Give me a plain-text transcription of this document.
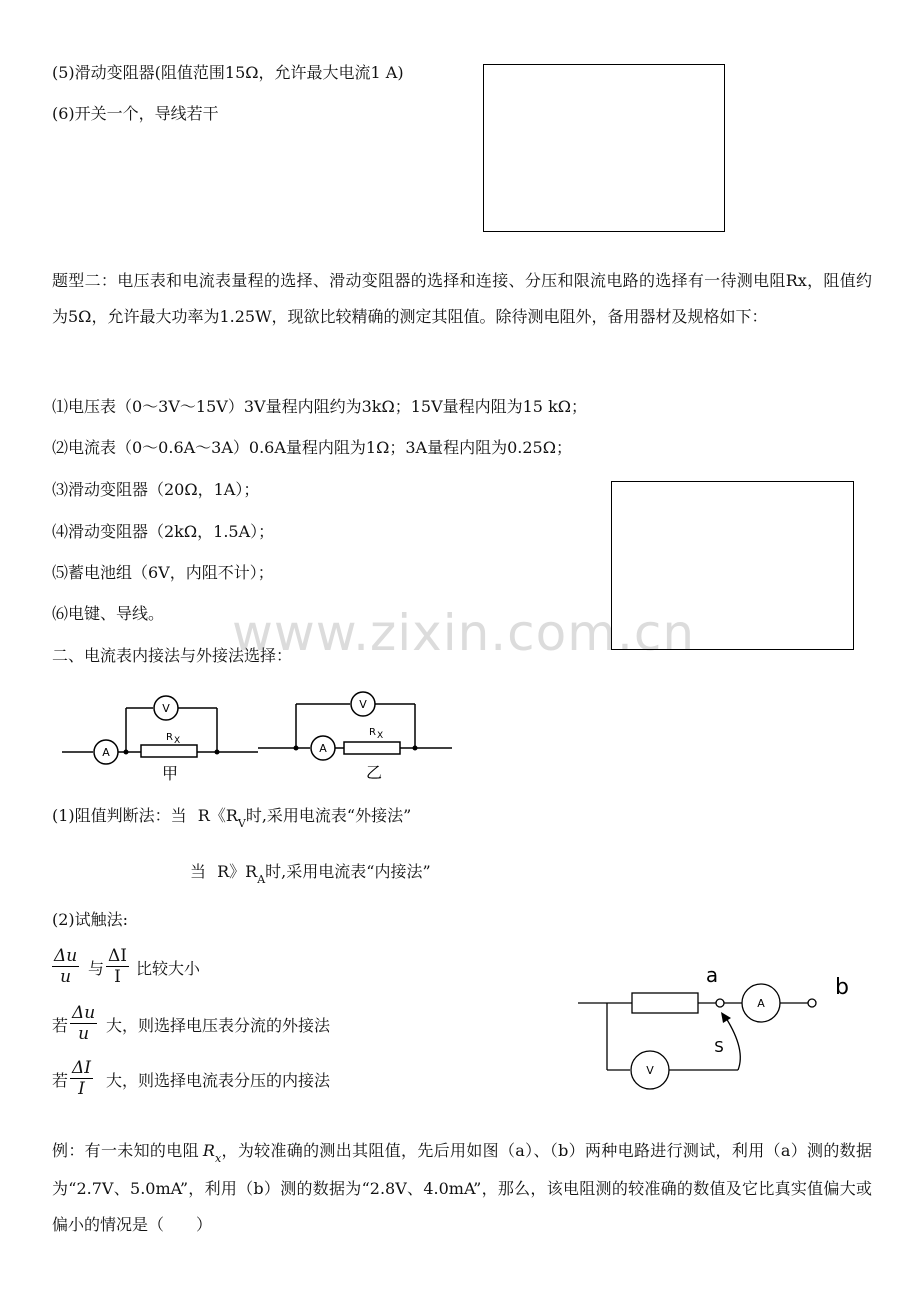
www.zixin.com.cn
(5)滑动变阻器(阻值范围15Ω，允许最大电流1 A)
(6)开关一个，导线若干
题型二：电压表和电流表量程的选择、滑动变阻器的选择和连接、分压和限流电路的选择有一待测电阻Rx，阻值约为5Ω，允许最大功率为1.25W，现欲比较精确的测定其阻值。除待测电阻外，备用器材及规格如下：
⑴电压表（0～3V～15V）3V量程内阻约为3kΩ；15V量程内阻为15 kΩ；
⑵电流表（0～0.6A～3A）0.6A量程内阻为1Ω；3A量程内阻为0.25Ω；
⑶滑动变阻器（20Ω，1A）；
⑷滑动变阻器（2kΩ，1.5A）；
⑸蓄电池组（6V，内阻不计）；
⑹电键、导线。
二、电流表内接法与外接法选择：
A
V
A
V
R X
R X
甲	乙
(1)阻值判断法：当 R《$R_V$时,采用电流表“外接法”
当 R》$R_A$时,采用电流表“内接法”
(2)试触法:
$\frac{\Delta u}{u}$ 与 $\frac{\Delta I}{I}$ 比较大小
若 $\frac{\Delta u}{u}$ 大，则选择电压表分流的外接法
若 $\frac{\Delta I}{I}$ 大，则选择电流表分压的内接法
a	b
A
V
S
例：有一未知的电阻 $R_x$，为较准确的测出其阻值，先后用如图（a）、（b）两种电路进行测试，利用（a）测的数据为“2.7V、5.0mA”，利用（b）测的数据为“2.8V、4.0mA”，那么，该电阻测的较准确的数值及它比真实值偏大或偏小的情况是（　　）
